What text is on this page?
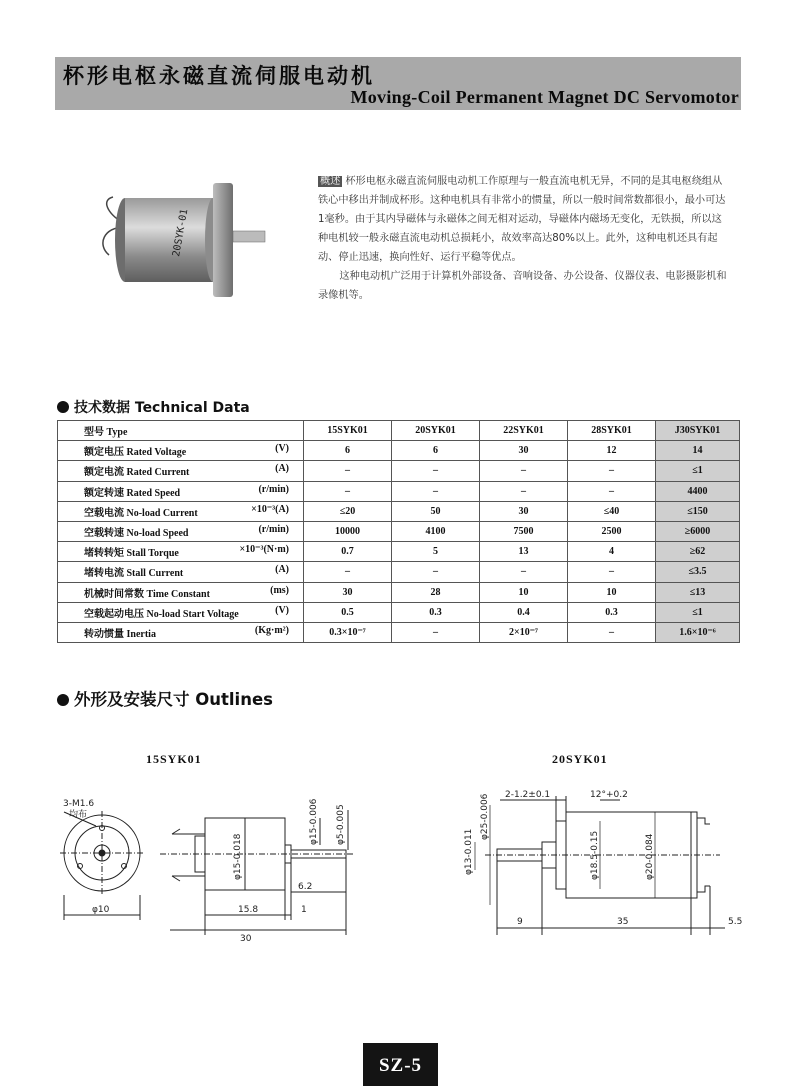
杯形电枢永磁直流伺服电动机
Moving-Coil Permanent Magnet DC Servomotor
20SYK-01

概述 杯形电枢永磁直流伺服电动机工作原理与一般直流电机无异，不同的是其电枢绕组从铁心中移出并制成杯形。这种电机具有非常小的惯量，所以一般时间常数都很小，最小可达1毫秒。由于其内导磁体与永磁体之间无相对运动，导磁体内磁场无变化，无铁损，所以这种电机较一般永磁直流电动机总损耗小，故效率高达80%以上。此外，这种电机还具有起动、停止迅速，换向性好、运行平稳等优点。

这种电动机广泛用于计算机外部设备、音响设备、办公设备、仪器仪表、电影摄影机和录像机等。

技术数据 Technical Data
型号 Type	15SYK01	20SYK01	22SYK01	28SYK01	J30SYK01
额定电压 Rated Voltage (V)	6	6	30	12	14
额定电流 Rated Current (A)	–	–	–	–	≤1
额定转速 Rated Speed (r/min)	–	–	–	–	4400
空载电流 No-load Current ×10⁻³(A)	≤20	50	30	≤40	≤150
空载转速 No-load Speed (r/min)	10000	4100	7500	2500	≥6000
堵转转矩 Stall Torque ×10⁻³(N·m)	0.7	5	13	4	≥62
堵转电流 Stall Current (A)	–	–	–	–	≤3.5
机械时间常数 Time Constant (ms)	30	28	10	10	≤13
空载起动电压 No-load Start Voltage (V)	0.5	0.3	0.4	0.3	≤1
转动惯量 Inertia (Kg·m²)	0.3×10⁻⁷	–	2×10⁻⁷	–	1.6×10⁻⁶
外形及安装尺寸 Outlines
15SYK01	20SYK01
3-M1.6
均布
φ10
φ15-0.018
φ5-0.005
φ15-0.006
6.2
15.8	1
30
2-1.2±0.1	12°+0.2
φ25-0.006
φ13-0.011	φ18.5-0.15	φ20-0.084
9	35	5.5
SZ-5
